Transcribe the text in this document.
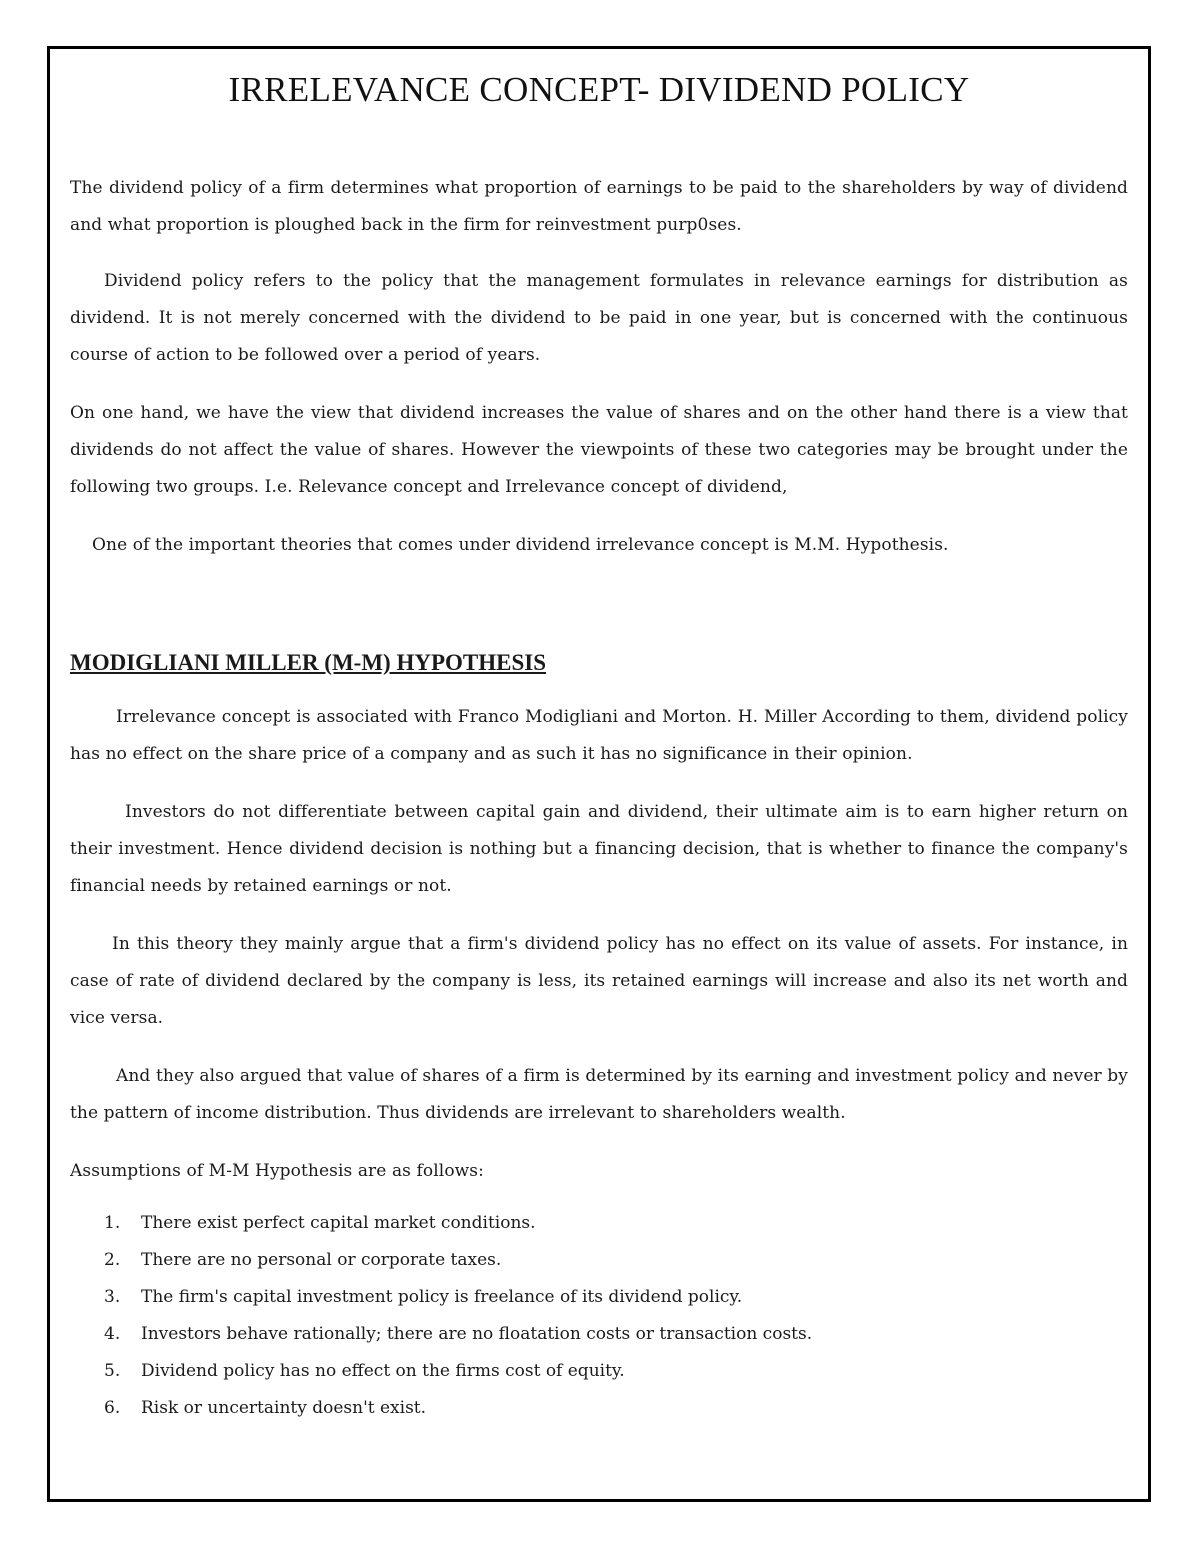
IRRELEVANCE CONCEPT- DIVIDEND POLICY

The dividend policy of a firm determines what proportion of earnings to be paid to the shareholders by way of dividend and what proportion is ploughed back in the firm for reinvestment purp0ses.

Dividend policy refers to the policy that the management formulates in relevance earnings for distribution as dividend. It is not merely concerned with the dividend to be paid in one year, but is concerned with the continuous course of action to be followed over a period of years.

On one hand, we have the view that dividend increases the value of shares and on the other hand there is a view that dividends do not affect the value of shares. However the viewpoints of these two categories may be brought under the following two groups. I.e. Relevance concept and Irrelevance concept of dividend,

One of the important theories that comes under dividend irrelevance concept is M.M. Hypothesis.

MODIGLIANI MILLER (M-M) HYPOTHESIS

Irrelevance concept is associated with Franco Modigliani and Morton. H. Miller According to them, dividend policy has no effect on the share price of a company and as such it has no significance in their opinion.

Investors do not differentiate between capital gain and dividend, their ultimate aim is to earn higher return on their investment. Hence dividend decision is nothing but a financing decision, that is whether to finance the company's financial needs by retained earnings or not.

In this theory they mainly argue that a firm's dividend policy has no effect on its value of assets. For instance, in case of rate of dividend declared by the company is less, its retained earnings will increase and also its net worth and vice versa.

And they also argued that value of shares of a firm is determined by its earning and investment policy and never by the pattern of income distribution. Thus dividends are irrelevant to shareholders wealth.

Assumptions of M-M Hypothesis are as follows:

1.	There exist perfect capital market conditions.
2.	There are no personal or corporate taxes.
3.	The firm's capital investment policy is freelance of its dividend policy.
4.	Investors behave rationally; there are no floatation costs or transaction costs.
5.	Dividend policy has no effect on the firms cost of equity.
6.	Risk or uncertainty doesn't exist.
